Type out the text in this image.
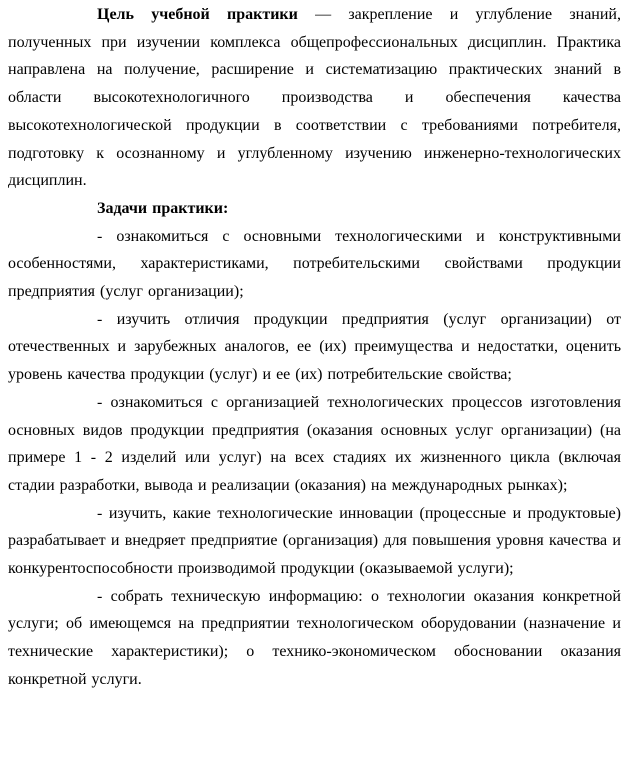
Цель учебной практики — закрепление и углубление знаний, полученных при изучении комплекса общепрофессиональных дисциплин. Практика направлена на получение, расширение и систематизацию практических знаний в области высокотехнологичного производства и обеспечения качества высокотехнологической продукции в соответствии с требованиями потребителя, подготовку к осознанному и углубленному изучению инженерно-технологических дисциплин.

Задачи практики:

- ознакомиться с основными технологическими и конструктивными особенностями, характеристиками, потребительскими свойствами продукции предприятия (услуг организации);

- изучить отличия продукции предприятия (услуг организации) от отечественных и зарубежных аналогов, ее (их) преимущества и недостатки, оценить уровень качества продукции (услуг) и ее (их) потребительские свойства;

- ознакомиться с организацией технологических процессов изготовления основных видов продукции предприятия (оказания основных услуг организации) (на примере 1 - 2 изделий или услуг) на всех стадиях их жизненного цикла (включая стадии разработки, вывода и реализации (оказания) на международных рынках);

- изучить, какие технологические инновации (процессные и продуктовые) разрабатывает и внедряет предприятие (организация) для повышения уровня качества и конкурентоспособности производимой продукции (оказываемой услуги);

- собрать техническую информацию: о технологии оказания конкретной услуги; об имеющемся на предприятии технологическом оборудовании (назначение и технические характеристики); о технико-экономическом обосновании оказания конкретной услуги.
